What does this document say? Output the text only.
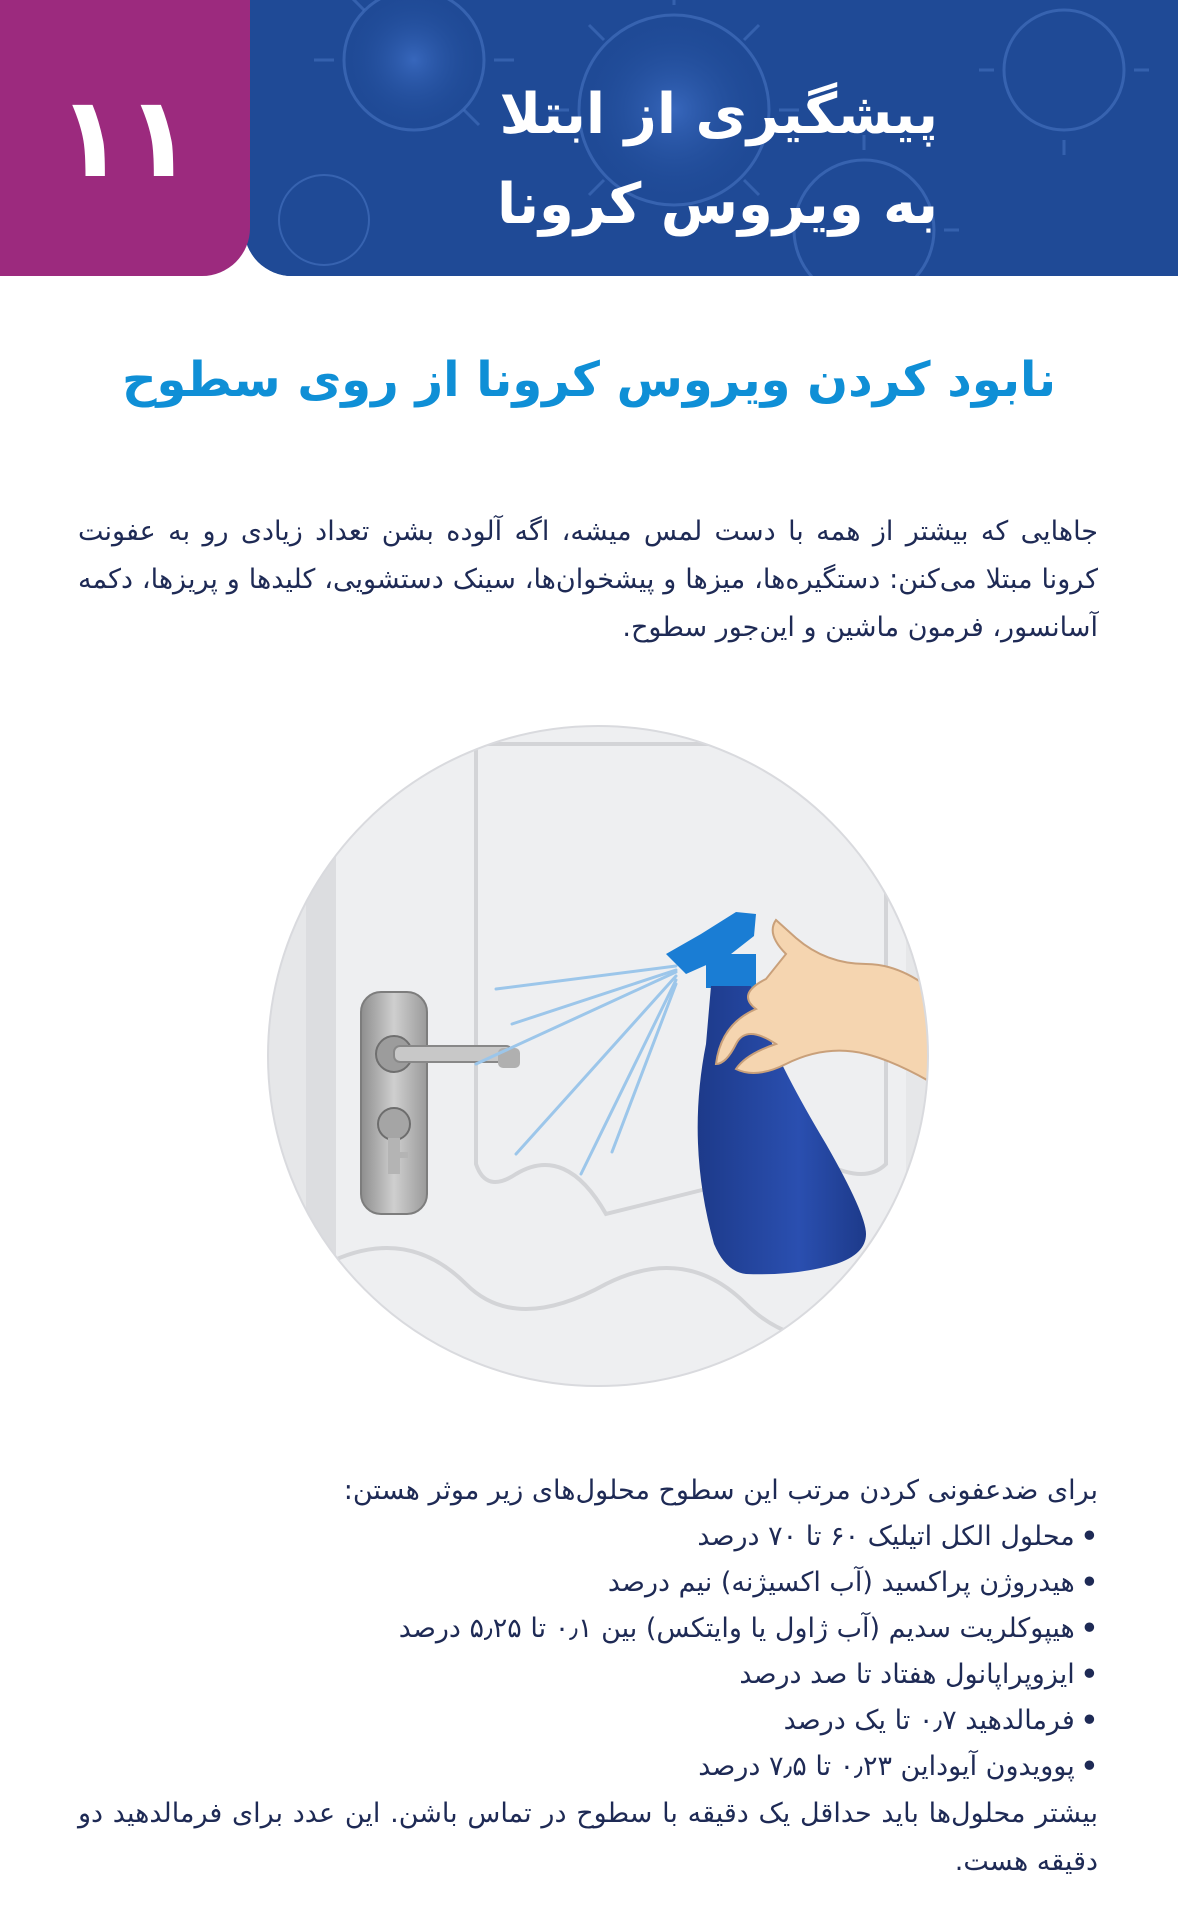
پیشگیری از ابتلا
به ویروس کرونا
۱۱
نابود کردن ویروس کرونا از روی سطوح
جاهایی که بیشتر از همه با دست لمس میشه، اگه آلوده بشن تعداد زیادی رو به عفونت کرونا مبتلا می‌کنن: دستگیره‌ها، میزها و پیشخوان‌ها، سینک دستشویی، کلیدها و پریزها، دکمه آسانسور، فرمون ماشین و این‌جور سطوح.
برای ضدعفونی کردن مرتب این سطوح محلول‌های زیر موثر هستن:
•محلول الکل اتیلیک ۶۰ تا ۷۰ درصد
•هیدروژن پراکسید (آب اکسیژنه) نیم درصد
•هیپوکلریت سدیم (آب ژاول یا وایتکس) بین ۰٫۱ تا ۵٫۲۵ درصد
•ایزوپراپانول هفتاد تا صد درصد
•فرمالدهید ۰٫۷ تا یک درصد
•پوویدون آیوداین ۰٫۲۳ تا ۷٫۵ درصد
بیشتر محلول‌ها باید حداقل یک دقیقه با سطوح در تماس باشن. این عدد برای فرمالدهید دو دقیقه هست.
